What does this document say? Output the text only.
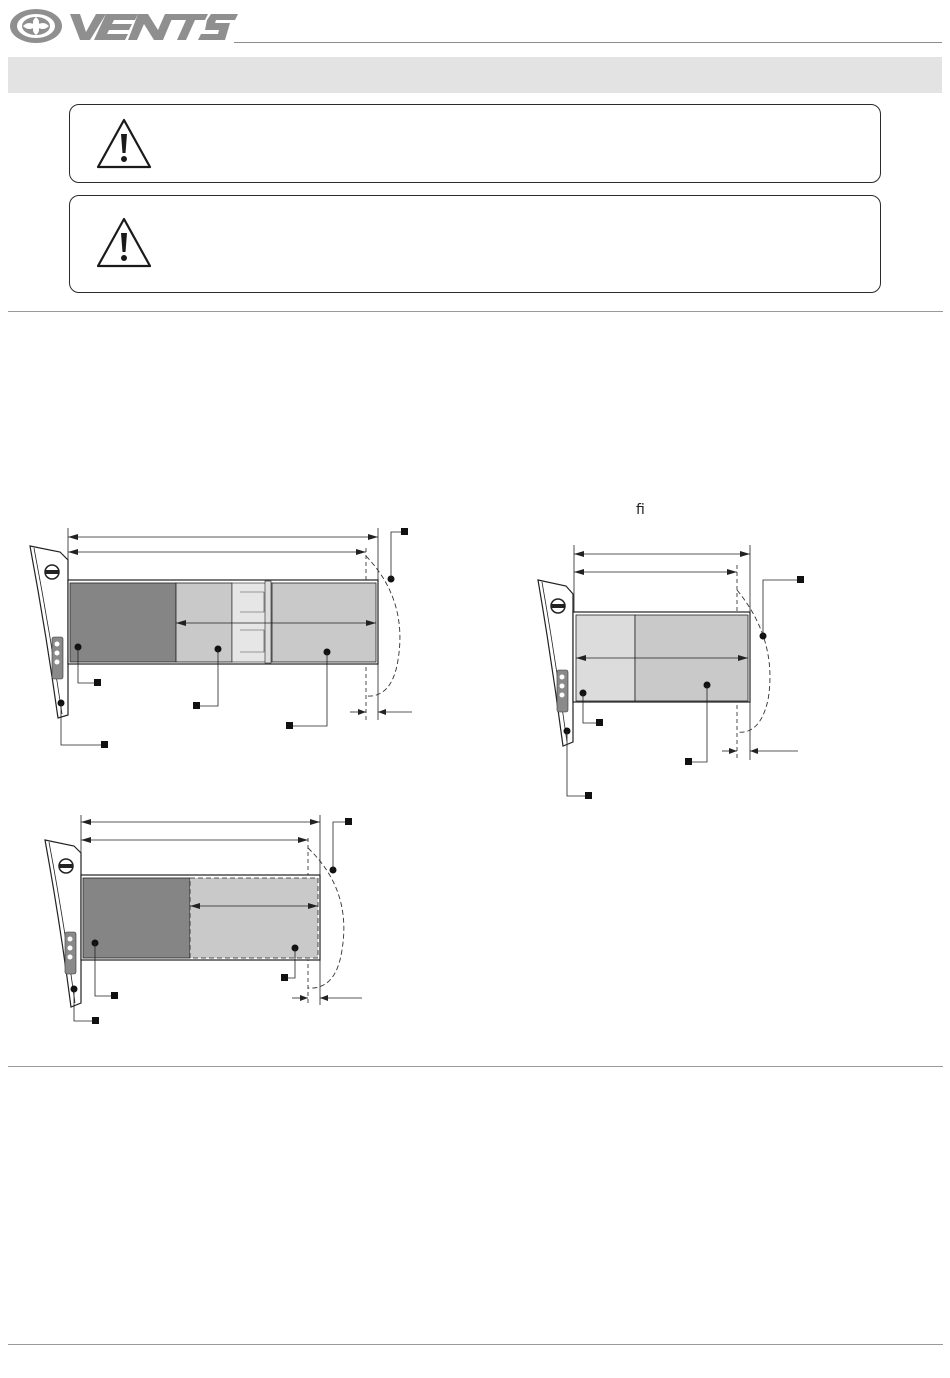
ﬁ
